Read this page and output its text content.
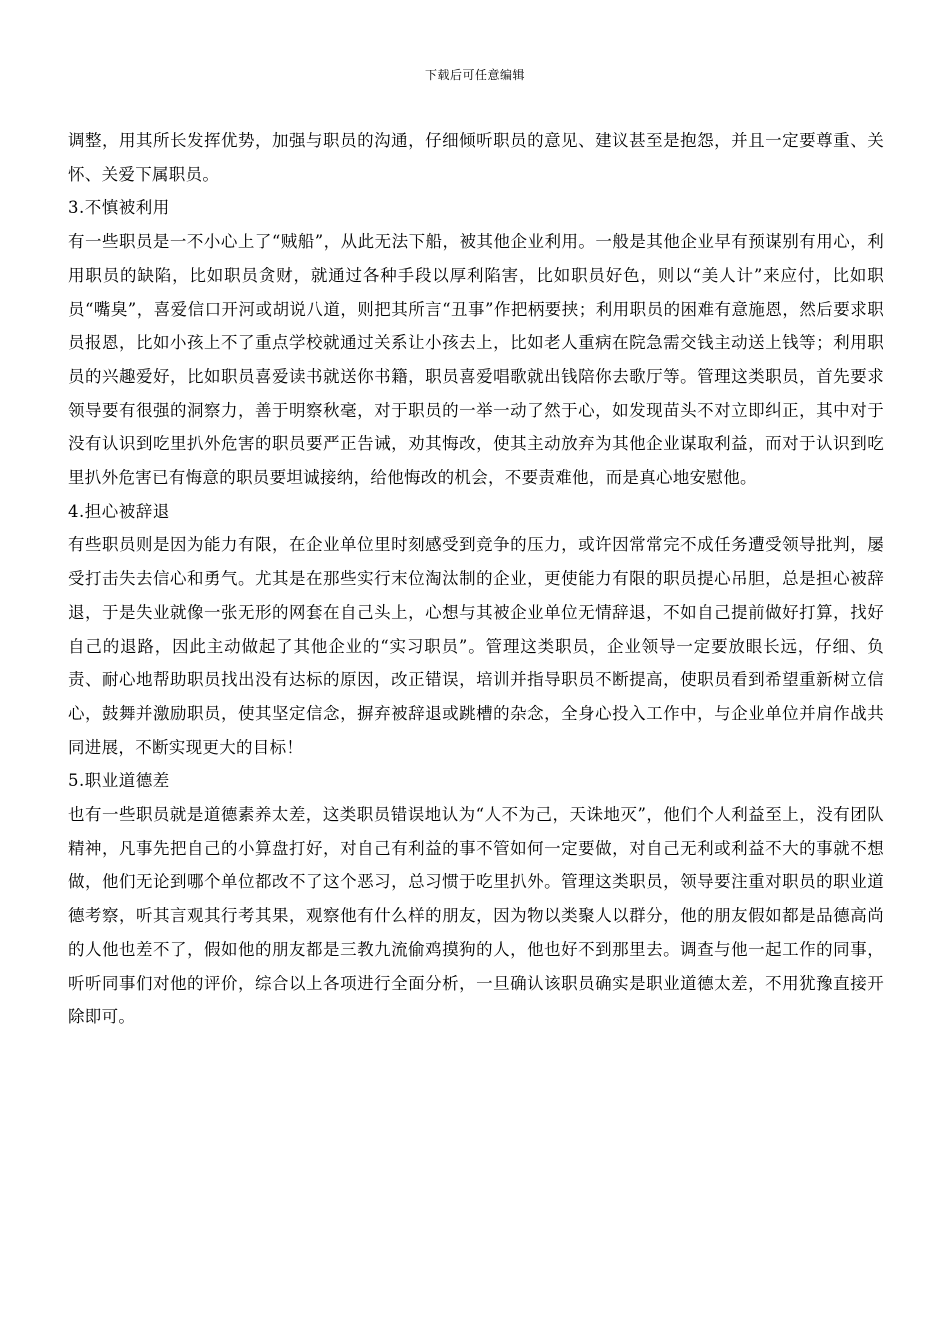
下载后可任意编辑

调整，用其所长发挥优势，加强与职员的沟通，仔细倾听职员的意见、建议甚至是抱怨，并且一定要尊重、关怀、关爱下属职员。

3.不慎被利用

有一些职员是一不小心上了“贼船”，从此无法下船，被其他企业利用。一般是其他企业早有预谋别有用心，利用职员的缺陷，比如职员贪财，就通过各种手段以厚利陷害，比如职员好色，则以“美人计”来应付，比如职员“嘴臭”，喜爱信口开河或胡说八道，则把其所言“丑事”作把柄要挟；利用职员的困难有意施恩，然后要求职员报恩，比如小孩上不了重点学校就通过关系让小孩去上，比如老人重病在院急需交钱主动送上钱等；利用职员的兴趣爱好，比如职员喜爱读书就送你书籍，职员喜爱唱歌就出钱陪你去歌厅等。管理这类职员，首先要求领导要有很强的洞察力，善于明察秋毫，对于职员的一举一动了然于心，如发现苗头不对立即纠正，其中对于没有认识到吃里扒外危害的职员要严正告诫，劝其悔改，使其主动放弃为其他企业谋取利益，而对于认识到吃里扒外危害已有悔意的职员要坦诚接纳，给他悔改的机会，不要责难他，而是真心地安慰他。

4.担心被辞退

有些职员则是因为能力有限，在企业单位里时刻感受到竞争的压力，或许因常常完不成任务遭受领导批判，屡受打击失去信心和勇气。尤其是在那些实行末位淘汰制的企业，更使能力有限的职员提心吊胆，总是担心被辞退，于是失业就像一张无形的网套在自己头上，心想与其被企业单位无情辞退，不如自己提前做好打算，找好自己的退路，因此主动做起了其他企业的“实习职员”。管理这类职员，企业领导一定要放眼长远，仔细、负责、耐心地帮助职员找出没有达标的原因，改正错误，培训并指导职员不断提高，使职员看到希望重新树立信心，鼓舞并激励职员，使其坚定信念，摒弃被辞退或跳槽的杂念，全身心投入工作中，与企业单位并肩作战共同进展，不断实现更大的目标！

5.职业道德差

也有一些职员就是道德素养太差，这类职员错误地认为“人不为己，天诛地灭”，他们个人利益至上，没有团队精神，凡事先把自己的小算盘打好，对自己有利益的事不管如何一定要做，对自己无利或利益不大的事就不想做，他们无论到哪个单位都改不了这个恶习，总习惯于吃里扒外。管理这类职员，领导要注重对职员的职业道德考察，听其言观其行考其果，观察他有什么样的朋友，因为物以类聚人以群分，他的朋友假如都是品德高尚的人他也差不了，假如他的朋友都是三教九流偷鸡摸狗的人，他也好不到那里去。调查与他一起工作的同事，听听同事们对他的评价，综合以上各项进行全面分析，一旦确认该职员确实是职业道德太差，不用犹豫直接开除即可。
